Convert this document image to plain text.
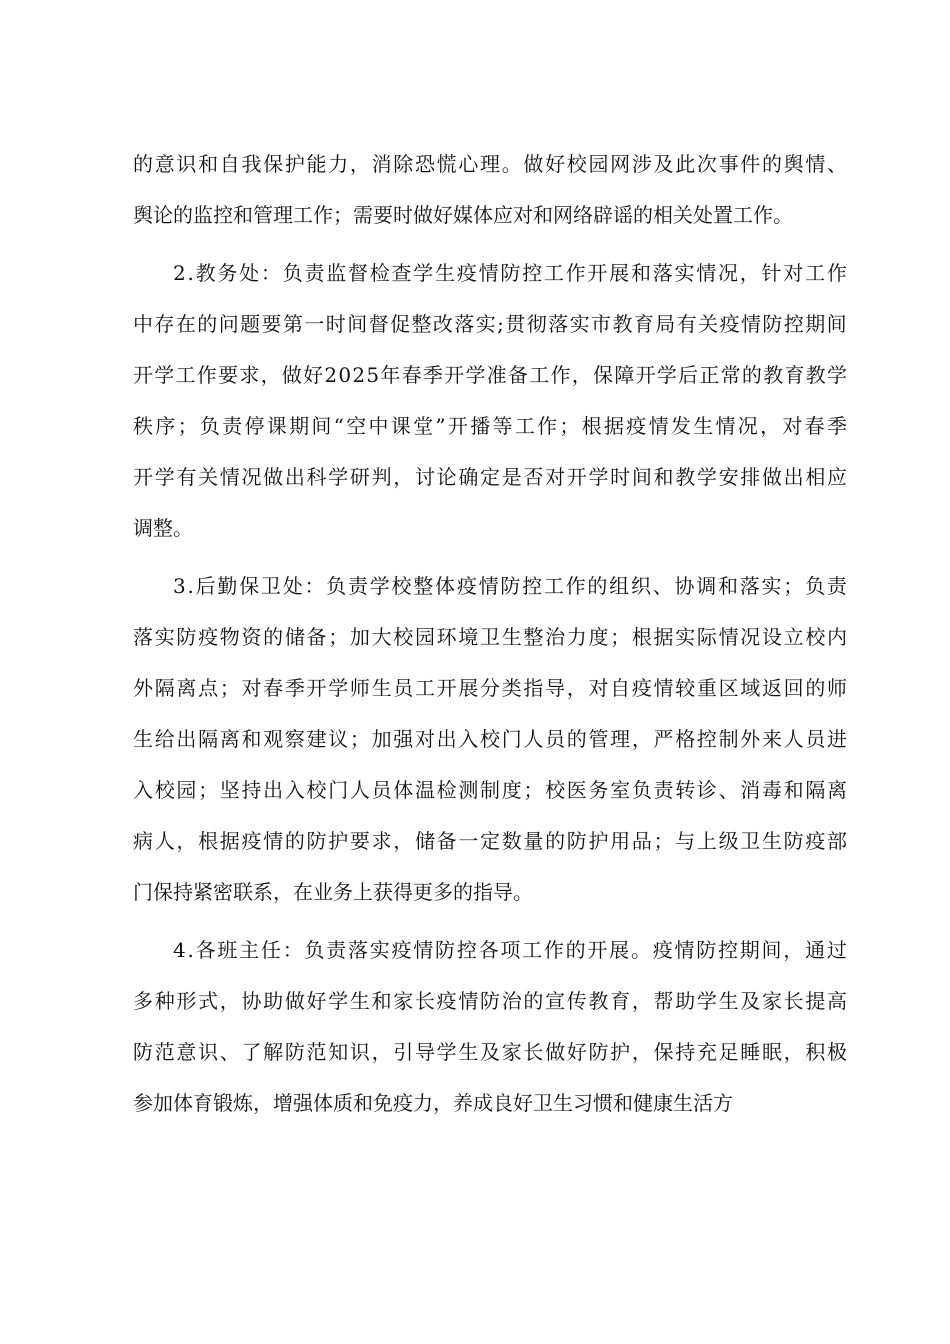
的 意 识 和 自 我 保 护 能 力 ， 消 除 恐 慌 心 理 。 做 好 校 园 网 涉 及 此 次 事 件 的 舆 情 、
舆论的监控和管理工作；需要时做好媒体应对和网络辟谣的相关处置工作。
2 . 教 务 处 ： 负 责 监 督 检 查 学 生 疫 情 防 控 工 作 开 展 和 落 实 情 况 ， 针 对 工 作
中 存 在 的 问 题 要 第 一 时 间 督 促 整 改 落 实 ; 贯 彻 落 实 市 教 育 局 有 关 疫 情 防 控 期 间
开 学 工 作 要 求 ， 做 好 2 0 2 5 年 春 季 开 学 准 备 工 作 ， 保 障 开 学 后 正 常 的 教 育 教 学
秩 序 ； 负 责 停 课 期 间 “ 空 中 课 堂 ” 开 播 等 工 作 ； 根 据 疫 情 发 生 情 况 ， 对 春 季
开 学 有 关 情 况 做 出 科 学 研 判 ， 讨 论 确 定 是 否 对 开 学 时 间 和 教 学 安 排 做 出 相 应
调整。
3 . 后 勤 保 卫 处 ： 负 责 学 校 整 体 疫 情 防 控 工 作 的 组 织 、 协 调 和 落 实 ； 负 责
落 实 防 疫 物 资 的 储 备 ； 加 大 校 园 环 境 卫 生 整 治 力 度 ； 根 据 实 际 情 况 设 立 校 内
外 隔 离 点 ； 对 春 季 开 学 师 生 员 工 开 展 分 类 指 导 ， 对 自 疫 情 较 重 区 域 返 回 的 师
生 给 出 隔 离 和 观 察 建 议 ； 加 强 对 出 入 校 门 人 员 的 管 理 ， 严 格 控 制 外 来 人 员 进
入 校 园 ； 坚 持 出 入 校 门 人 员 体 温 检 测 制 度 ； 校 医 务 室 负 责 转 诊 、 消 毒 和 隔 离
病 人 ， 根 据 疫 情 的 防 护 要 求 ， 储 备 一 定 数 量 的 防 护 用 品 ； 与 上 级 卫 生 防 疫 部
门保持紧密联系，在业务上获得更多的指导。
4 . 各 班 主 任 ： 负 责 落 实 疫 情 防 控 各 项 工 作 的 开 展 。 疫 情 防 控 期 间 ， 通 过
多 种 形 式 ， 协 助 做 好 学 生 和 家 长 疫 情 防 治 的 宣 传 教 育 ， 帮 助 学 生 及 家 长 提 高
防 范 意 识 、 了 解 防 范 知 识 ， 引 导 学 生 及 家 长 做 好 防 护 ， 保 持 充 足 睡 眠 ， 积 极
参加体育锻炼，增强体质和免疫力，养成良好卫生习惯和健康生活方
